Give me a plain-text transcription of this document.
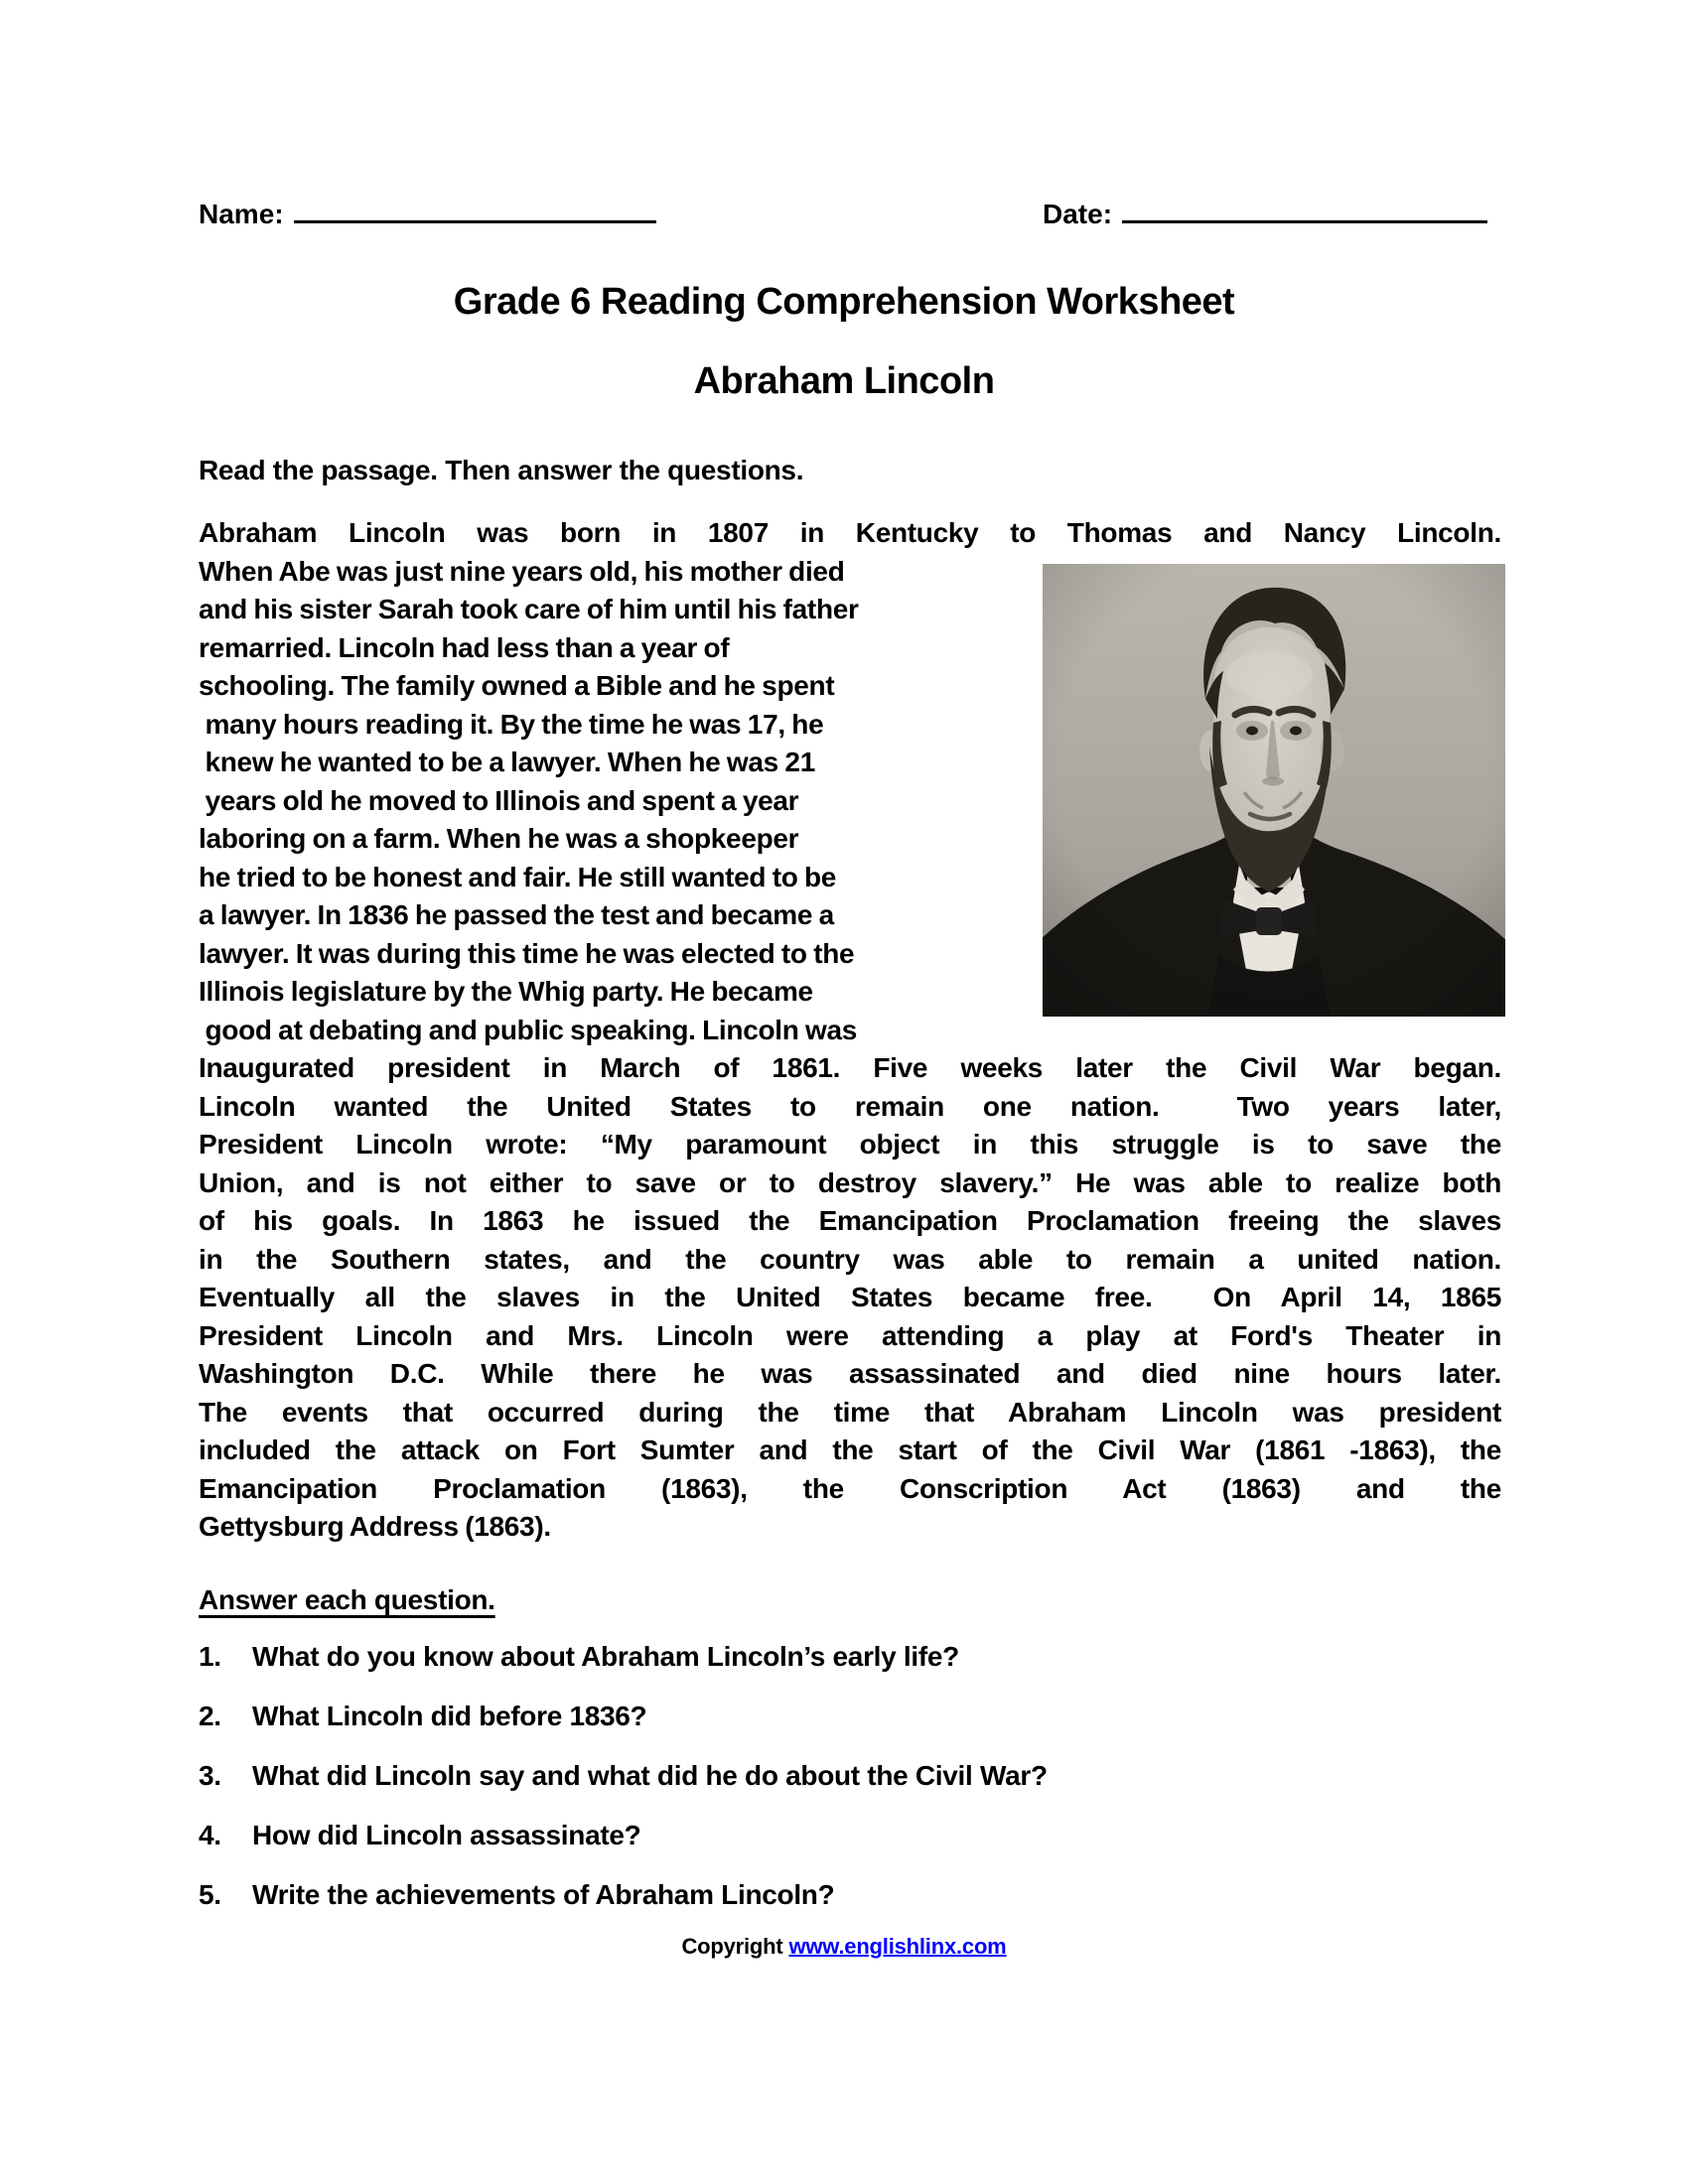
Name:	Date:
Grade 6 Reading Comprehension Worksheet
Abraham Lincoln
Read the passage. Then answer the questions.
Abraham Lincoln was born in 1807 in Kentucky to Thomas and Nancy Lincoln.
When Abe was just nine years old, his mother died
and his sister Sarah took care of him until his father
remarried. Lincoln had less than a year of
schooling. The family owned a Bible and he spent
many hours reading it. By the time he was 17, he
knew he wanted to be a lawyer. When he was 21
years old he moved to Illinois and spent a year
laboring on a farm. When he was a shopkeeper
he tried to be honest and fair. He still wanted to be
a lawyer. In 1836 he passed the test and became a
lawyer. It was during this time he was elected to the
Illinois legislature by the Whig party. He became
good at debating and public speaking. Lincoln was
Inaugurated president in March of 1861. Five weeks later the Civil War began.
Lincoln wanted the United States to remain one nation.  Two years later,
President Lincoln wrote: “My paramount object in this struggle is to save the
Union, and is not either to save or to destroy slavery.” He was able to realize both
of his goals. In 1863 he issued the Emancipation Proclamation freeing the slaves
in the Southern states, and the country was able to remain a united nation.
Eventually all the slaves in the United States became free.  On April 14, 1865
President Lincoln and Mrs. Lincoln were attending a play at Ford's Theater in
Washington D.C. While there he was assassinated and died nine hours later.
The events that occurred during the time that Abraham Lincoln was president
included the attack on Fort Sumter and the start of the Civil War (1861 -1863), the
Emancipation Proclamation (1863), the Conscription Act (1863) and the
Gettysburg Address (1863).
Answer each question.
1.	What do you know about Abraham Lincoln’s early life?
2.	What Lincoln did before 1836?
3.	What did Lincoln say and what did he do about the Civil War?
4.	How did Lincoln assassinate?
5.	Write the achievements of Abraham Lincoln?
Copyright www.englishlinx.com
